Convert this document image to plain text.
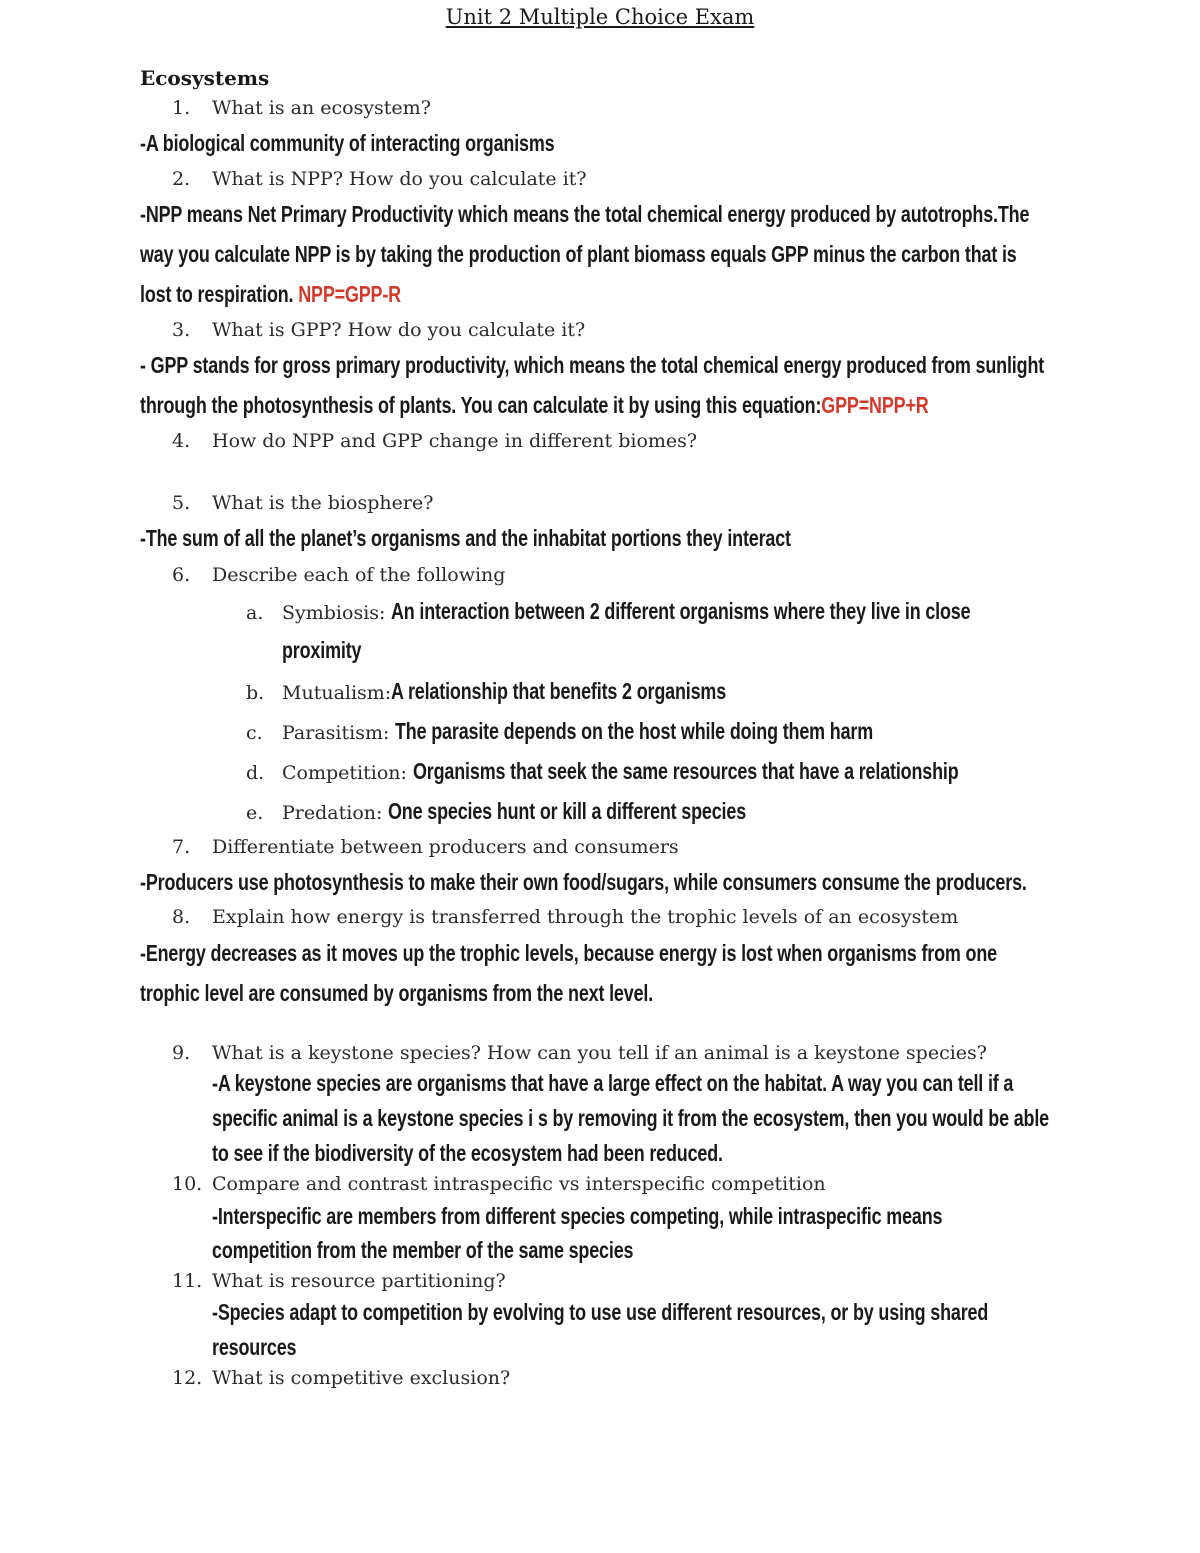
Unit 2 Multiple Choice Exam
Ecosystems
1. What is an ecosystem?
-A biological community of interacting organisms
2. What is NPP? How do you calculate it?
-NPP means Net Primary Productivity which means the total chemical energy produced by autotrophs.The
way you calculate NPP is by taking the production of plant biomass equals GPP minus the carbon that is
lost to respiration. NPP=GPP-R
3. What is GPP? How do you calculate it?
- GPP stands for gross primary productivity, which means the total chemical energy produced from sunlight
through the photosynthesis of plants. You can calculate it by using this equation:GPP=NPP+R
4. How do NPP and GPP change in different biomes?
5. What is the biosphere?
-The sum of all the planet’s organisms and the inhabitat portions they interact
6. Describe each of the following
a. Symbiosis: An interaction between 2 different organisms where they live in close
proximity
b. Mutualism:A relationship that benefits 2 organisms
c. Parasitism: The parasite depends on the host while doing them harm
d. Competition: Organisms that seek the same resources that have a relationship
e. Predation: One species hunt or kill a different species
7. Differentiate between producers and consumers
-Producers use photosynthesis to make their own food/sugars, while consumers consume the producers.
8. Explain how energy is transferred through the trophic levels of an ecosystem
-Energy decreases as it moves up the trophic levels, because energy is lost when organisms from one
trophic level are consumed by organisms from the next level.
9. What is a keystone species? How can you tell if an animal is a keystone species?
-A keystone species are organisms that have a large effect on the habitat. A way you can tell if a
specific animal is a keystone species i s by removing it from the ecosystem, then you would be able
to see if the biodiversity of the ecosystem had been reduced.
10. Compare and contrast intraspecific vs interspecific competition
-Interspecific are members from different species competing, while intraspecific means
competition from the member of the same species
11. What is resource partitioning?
-Species adapt to competition by evolving to use use different resources, or by using shared
resources
12. What is competitive exclusion?
